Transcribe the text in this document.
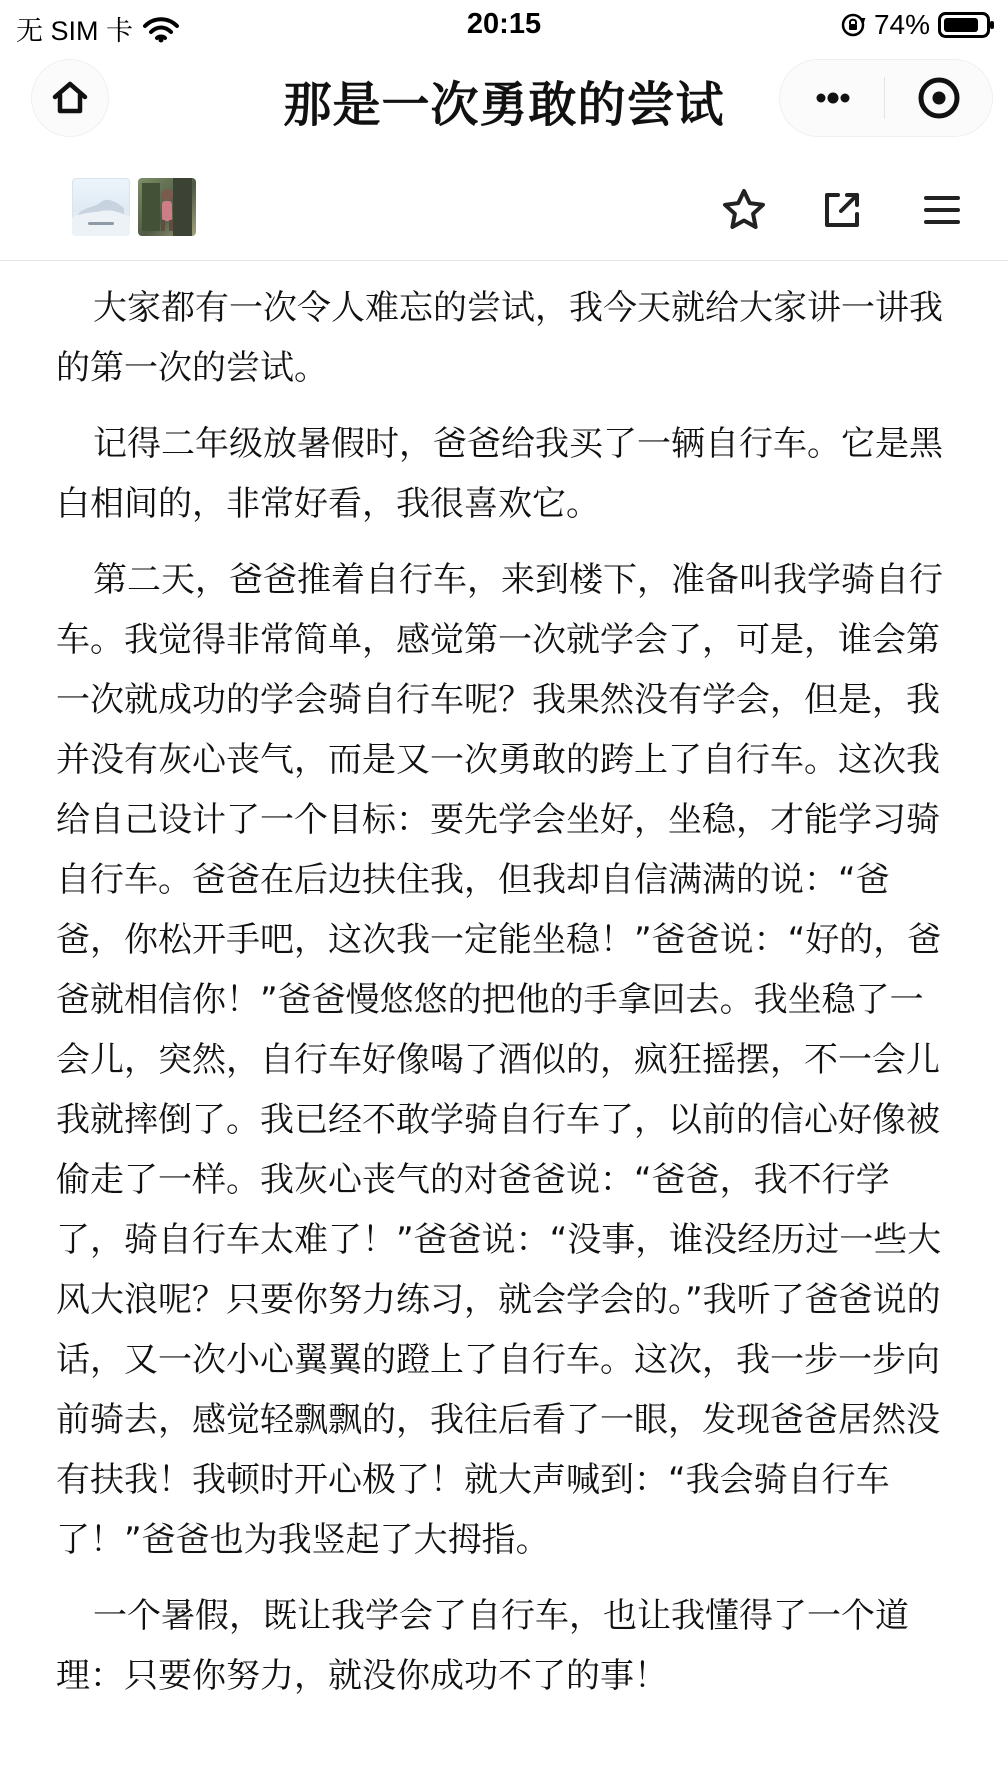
无 SIM 卡	20:15	74%
那是一次勇敢的尝试

大家都有一次令人难忘的尝试，我今天就给大家讲一讲我的第一次的尝试。

记得二年级放暑假时，爸爸给我买了一辆自行车。它是黑白相间的，非常好看，我很喜欢它。

第二天，爸爸推着自行车，来到楼下，准备叫我学骑自行车。我觉得非常简单，感觉第一次就学会了，可是，谁会第一次就成功的学会骑自行车呢？我果然没有学会，但是，我并没有灰心丧气，而是又一次勇敢的跨上了自行车。这次我给自己设计了一个目标：要先学会坐好，坐稳，才能学习骑自行车。爸爸在后边扶住我，但我却自信满满的说：“爸爸，你松开手吧，这次我一定能坐稳！”爸爸说：“好的，爸爸就相信你！”爸爸慢悠悠的把他的手拿回去。我坐稳了一会儿，突然，自行车好像喝了酒似的，疯狂摇摆，不一会儿我就摔倒了。我已经不敢学骑自行车了，以前的信心好像被偷走了一样。我灰心丧气的对爸爸说：“爸爸，我不行学了，骑自行车太难了！”爸爸说：“没事，谁没经历过一些大风大浪呢？只要你努力练习，就会学会的。”我听了爸爸说的话，又一次小心翼翼的蹬上了自行车。这次，我一步一步向前骑去，感觉轻飘飘的，我往后看了一眼，发现爸爸居然没有扶我！我顿时开心极了！就大声喊到：“我会骑自行车了！”爸爸也为我竖起了大拇指。

一个暑假，既让我学会了自行车，也让我懂得了一个道理：只要你努力，就没你成功不了的事！
